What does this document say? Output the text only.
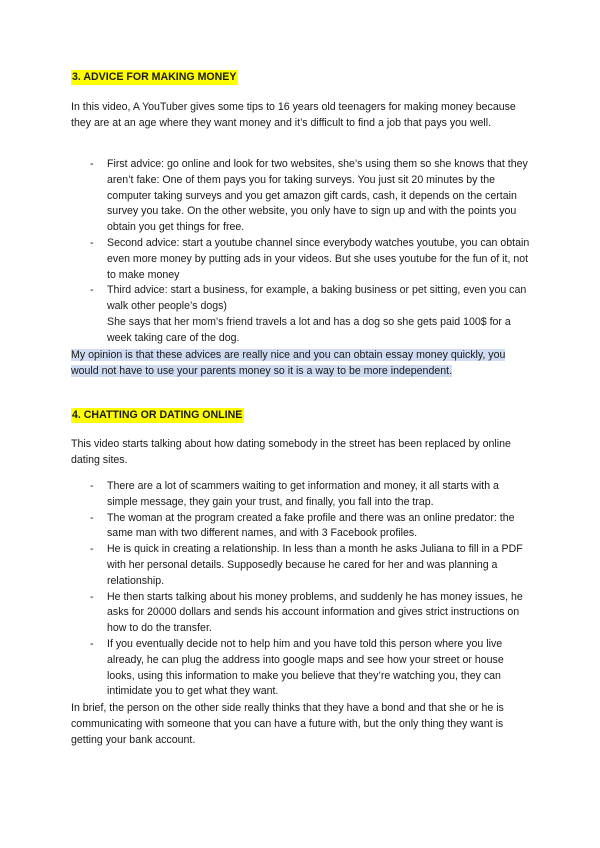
3. ADVICE FOR MAKING MONEY

In this video, A YouTuber gives some tips to 16 years old teenagers for making money because they are at an age where they want money and it’s difficult to find a job that pays you well.

- First advice: go online and look for two websites, she’s using them so she knows that they aren’t fake: One of them pays you for taking surveys. You just sit 20 minutes by the computer taking surveys and you get amazon gift cards, cash, it depends on the certain survey you take. On the other website, you only have to sign up and with the points you obtain you get things for free.
- Second advice: start a youtube channel since everybody watches youtube, you can obtain even more money by putting ads in your videos. But she uses youtube for the fun of it, not to make money
- Third advice: start a business, for example, a baking business or pet sitting, even you can walk other people’s dogs)
She says that her mom’s friend travels a lot and has a dog so she gets paid 100$ for a week taking care of the dog.

My opinion is that these advices are really nice and you can obtain essay money quickly, you would not have to use your parents money so it is a way to be more independent.

4. CHATTING OR DATING ONLINE

This video starts talking about how dating somebody in the street has been replaced by online dating sites.

- There are a lot of scammers waiting to get information and money, it all starts with a simple message, they gain your trust, and finally, you fall into the trap.
- The woman at the program created a fake profile and there was an online predator: the same man with two different names, and with 3 Facebook profiles.
- He is quick in creating a relationship. In less than a month he asks Juliana to fill in a PDF with her personal details. Supposedly because he cared for her and was planning a relationship.
- He then starts talking about his money problems, and suddenly he has money issues, he asks for 20000 dollars and sends his account information and gives strict instructions on how to do the transfer.
- If you eventually decide not to help him and you have told this person where you live already, he can plug the address into google maps and see how your street or house looks, using this information to make you believe that they’re watching you, they can intimidate you to get what they want.

In brief, the person on the other side really thinks that they have a bond and that she or he is communicating with someone that you can have a future with, but the only thing they want is getting your bank account.
